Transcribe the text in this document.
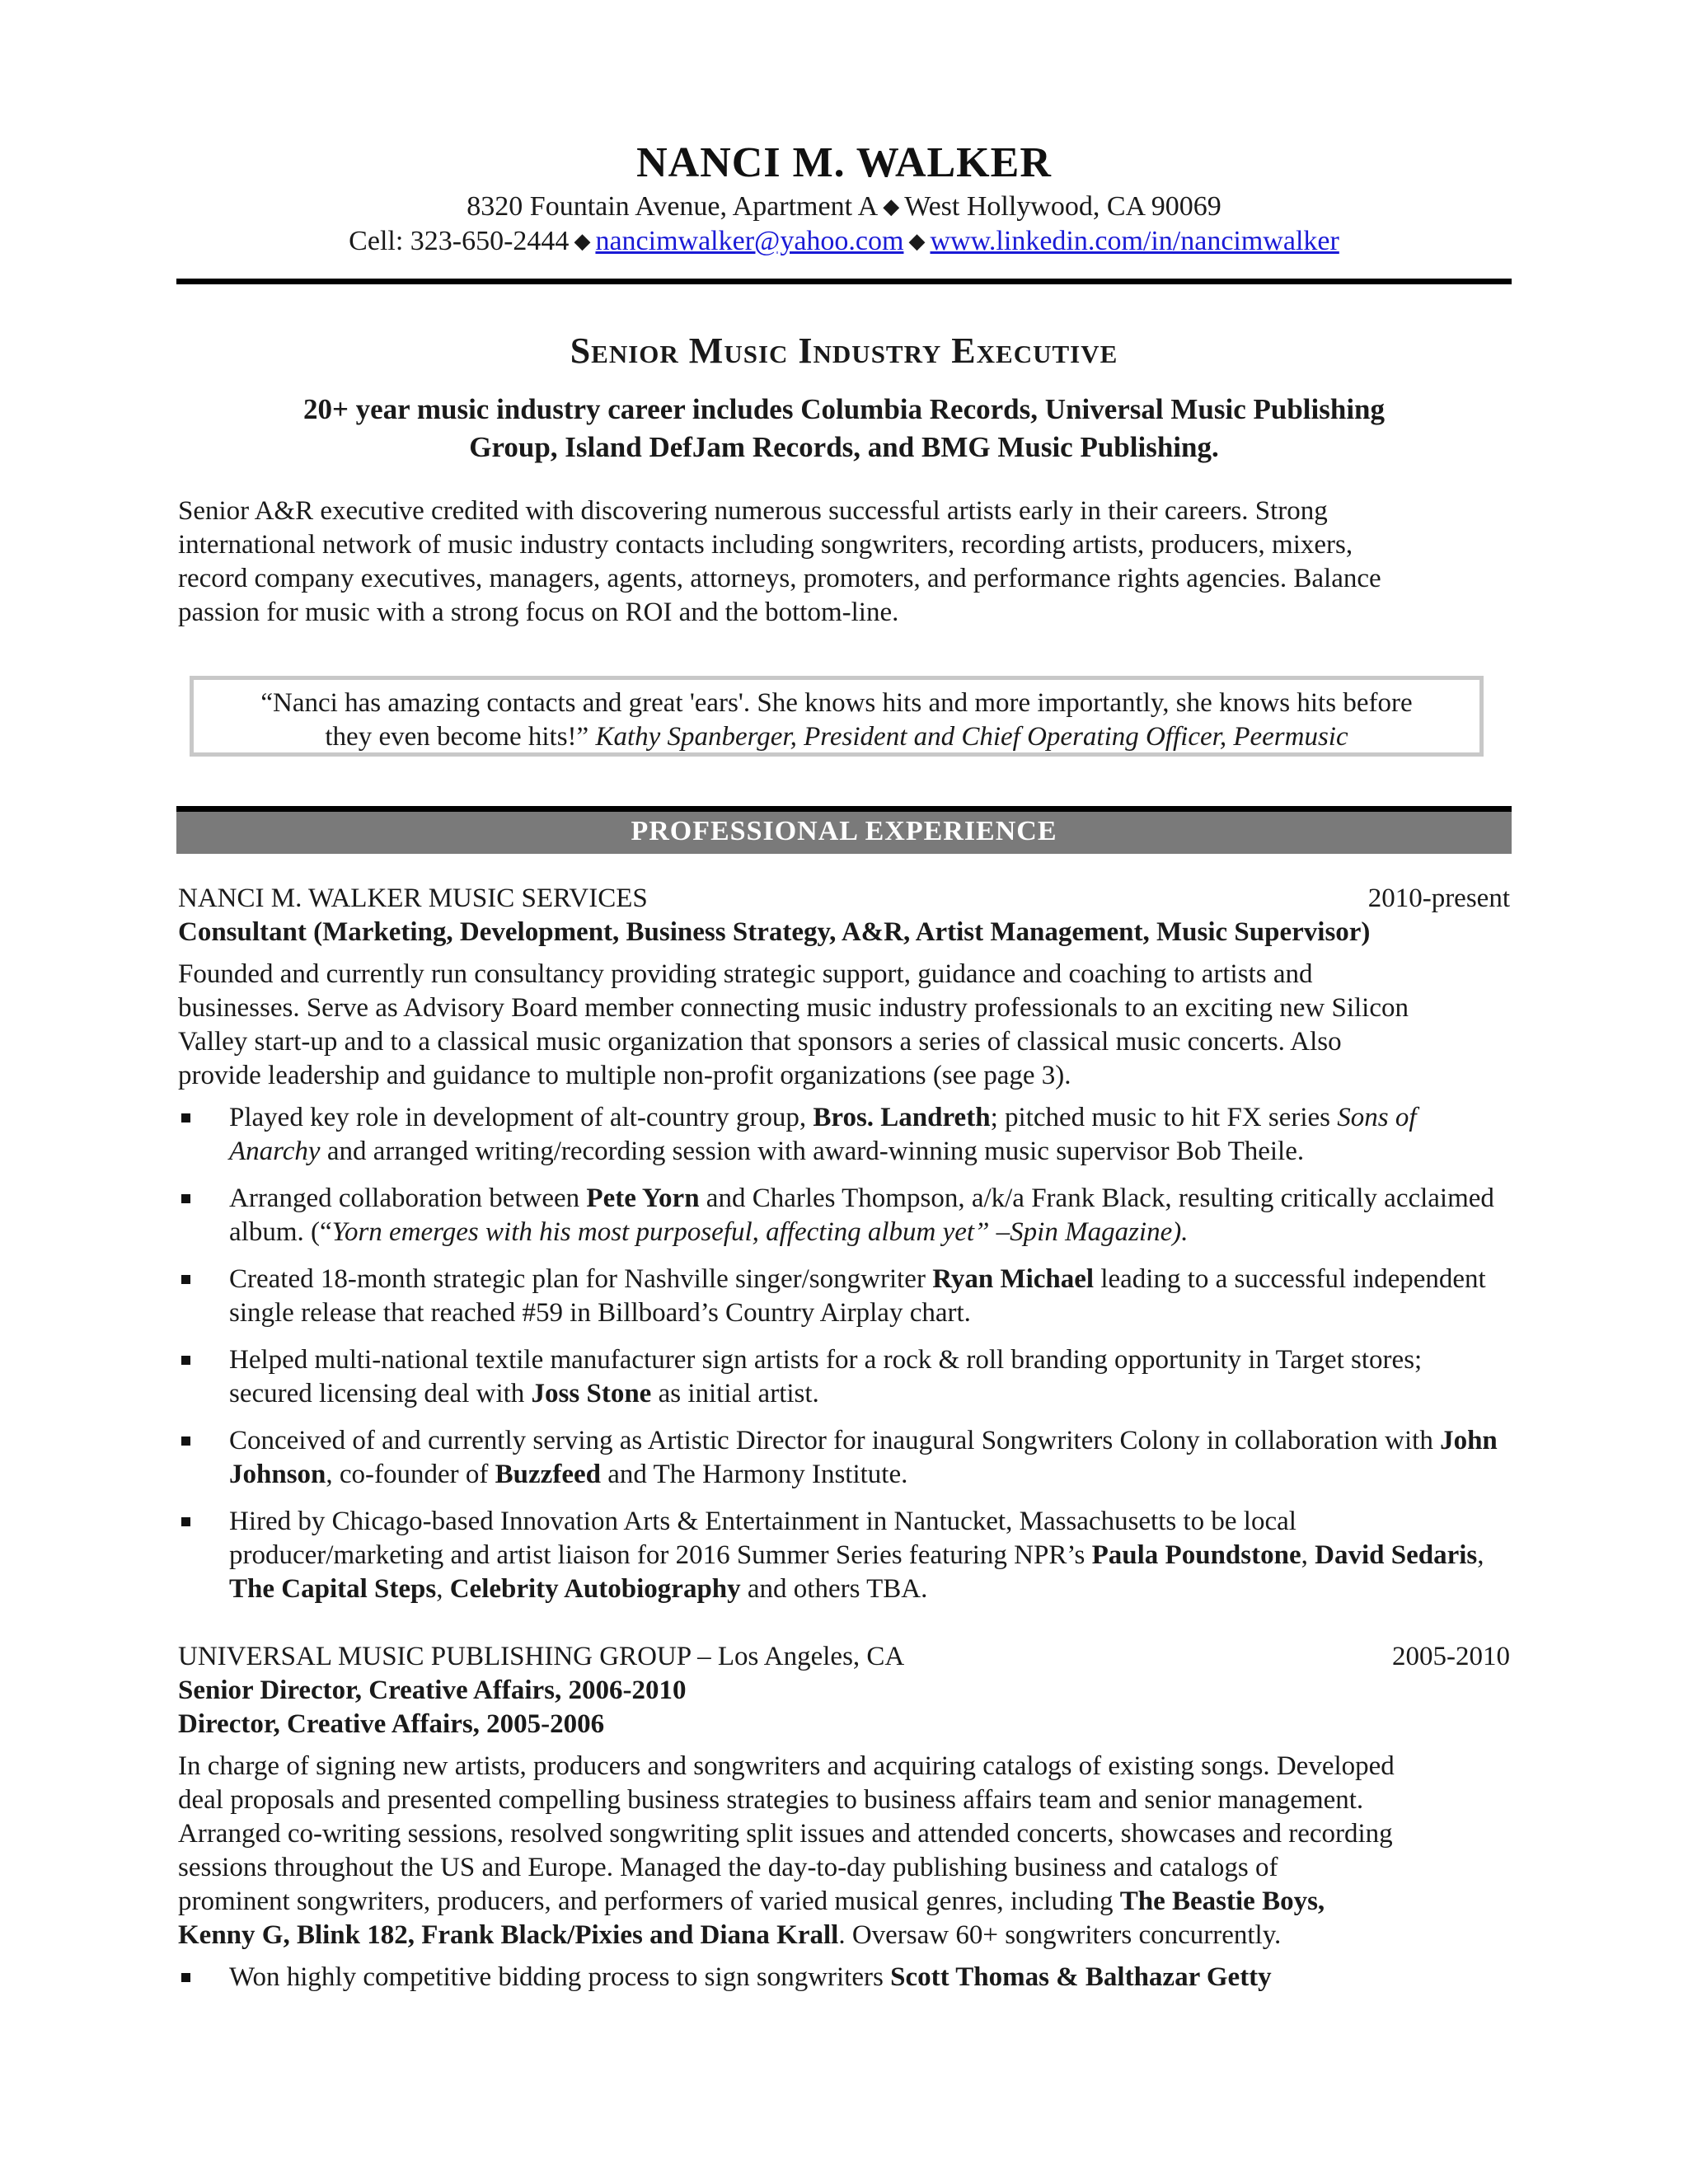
NANCI M. WALKER
8320 Fountain Avenue, Apartment A ◆ West Hollywood, CA 90069
Cell: 323-650-2444 ◆ nancimwalker@yahoo.com ◆ www.linkedin.com/in/nancimwalker
Senior Music Industry Executive
20+ year music industry career includes Columbia Records, Universal Music Publishing
Group, Island DefJam Records, and BMG Music Publishing.
Senior A&R executive credited with discovering numerous successful artists early in their careers. Strong
international network of music industry contacts including songwriters, recording artists, producers, mixers,
record company executives, managers, agents, attorneys, promoters, and performance rights agencies. Balance
passion for music with a strong focus on ROI and the bottom-line.
“Nanci has amazing contacts and great 'ears'. She knows hits and more importantly, she knows hits before
they even become hits!” Kathy Spanberger, President and Chief Operating Officer, Peermusic
PROFESSIONAL EXPERIENCE
NANCI M. WALKER MUSIC SERVICES	2010-present
Consultant (Marketing, Development, Business Strategy, A&R, Artist Management, Music Supervisor)
Founded and currently run consultancy providing strategic support, guidance and coaching to artists and
businesses. Serve as Advisory Board member connecting music industry professionals to an exciting new Silicon
Valley start-up and to a classical music organization that sponsors a series of classical music concerts. Also
provide leadership and guidance to multiple non-profit organizations (see page 3).
Played key role in development of alt-country group, Bros. Landreth; pitched music to hit FX series Sons of Anarchy and arranged writing/recording session with award-winning music supervisor Bob Theile.
Arranged collaboration between Pete Yorn and Charles Thompson, a/k/a Frank Black, resulting critically acclaimed album. (“Yorn emerges with his most purposeful, affecting album yet” –Spin Magazine).
Created 18-month strategic plan for Nashville singer/songwriter Ryan Michael leading to a successful independent single release that reached #59 in Billboard’s Country Airplay chart.
Helped multi-national textile manufacturer sign artists for a rock & roll branding opportunity in Target stores; secured licensing deal with Joss Stone as initial artist.
Conceived of and currently serving as Artistic Director for inaugural Songwriters Colony in collaboration with John Johnson, co-founder of Buzzfeed and The Harmony Institute.
Hired by Chicago-based Innovation Arts & Entertainment in Nantucket, Massachusetts to be local producer/marketing and artist liaison for 2016 Summer Series featuring NPR’s Paula Poundstone, David Sedaris, The Capital Steps, Celebrity Autobiography and others TBA.
UNIVERSAL MUSIC PUBLISHING GROUP – Los Angeles, CA	2005-2010
Senior Director, Creative Affairs, 2006-2010
Director, Creative Affairs, 2005-2006
In charge of signing new artists, producers and songwriters and acquiring catalogs of existing songs. Developed
deal proposals and presented compelling business strategies to business affairs team and senior management.
Arranged co-writing sessions, resolved songwriting split issues and attended concerts, showcases and recording
sessions throughout the US and Europe. Managed the day-to-day publishing business and catalogs of
prominent songwriters, producers, and performers of varied musical genres, including The Beastie Boys,
Kenny G, Blink 182, Frank Black/Pixies and Diana Krall. Oversaw 60+ songwriters concurrently.
Won highly competitive bidding process to sign songwriters Scott Thomas & Balthazar Getty
